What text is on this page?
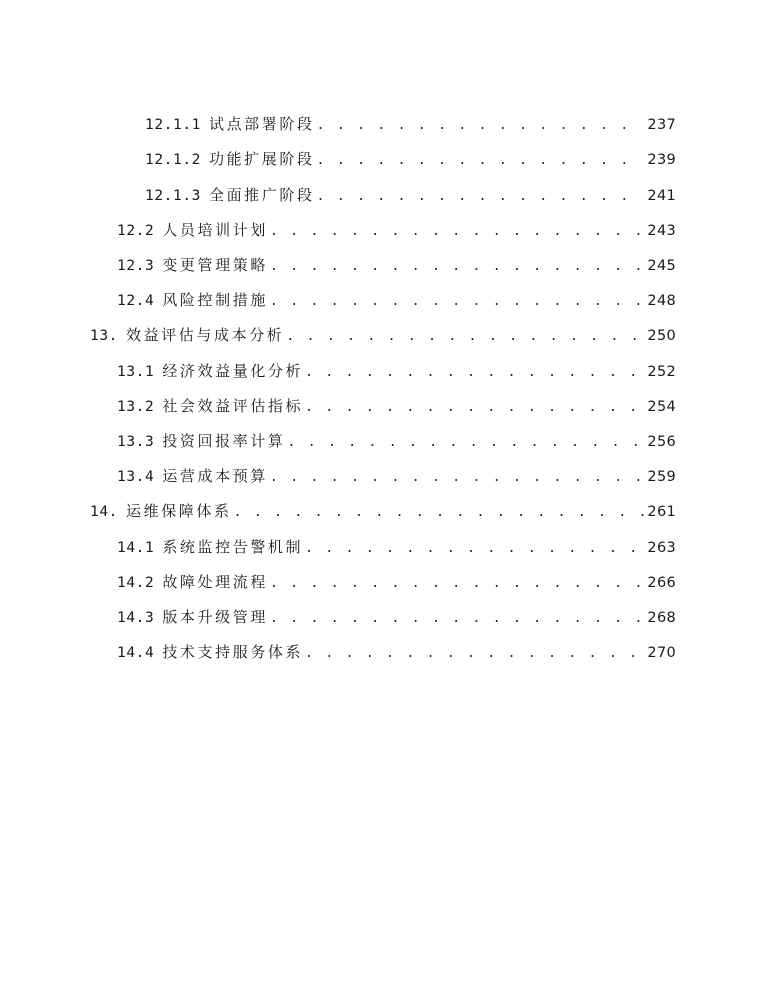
12.1.1 试点部署阶段 . . .	237
12.1.2 功能扩展阶段 . . .	239
12.1.3 全面推广阶段 . . .	241
12.2 人员培训计划 . . .	243
12.3 变更管理策略 . . .	245
12.4 风险控制措施 . . .	248
13. 效益评估与成本分析 . . .	250
13.1 经济效益量化分析 . . .	252
13.2 社会效益评估指标 . . .	254
13.3 投资回报率计算 . . .	256
13.4 运营成本预算 . . .	259
14. 运维保障体系 . . .	261
14.1 系统监控告警机制 . . .	263
14.2 故障处理流程 . . .	266
14.3 版本升级管理 . . .	268
14.4 技术支持服务体系 . . .	270
